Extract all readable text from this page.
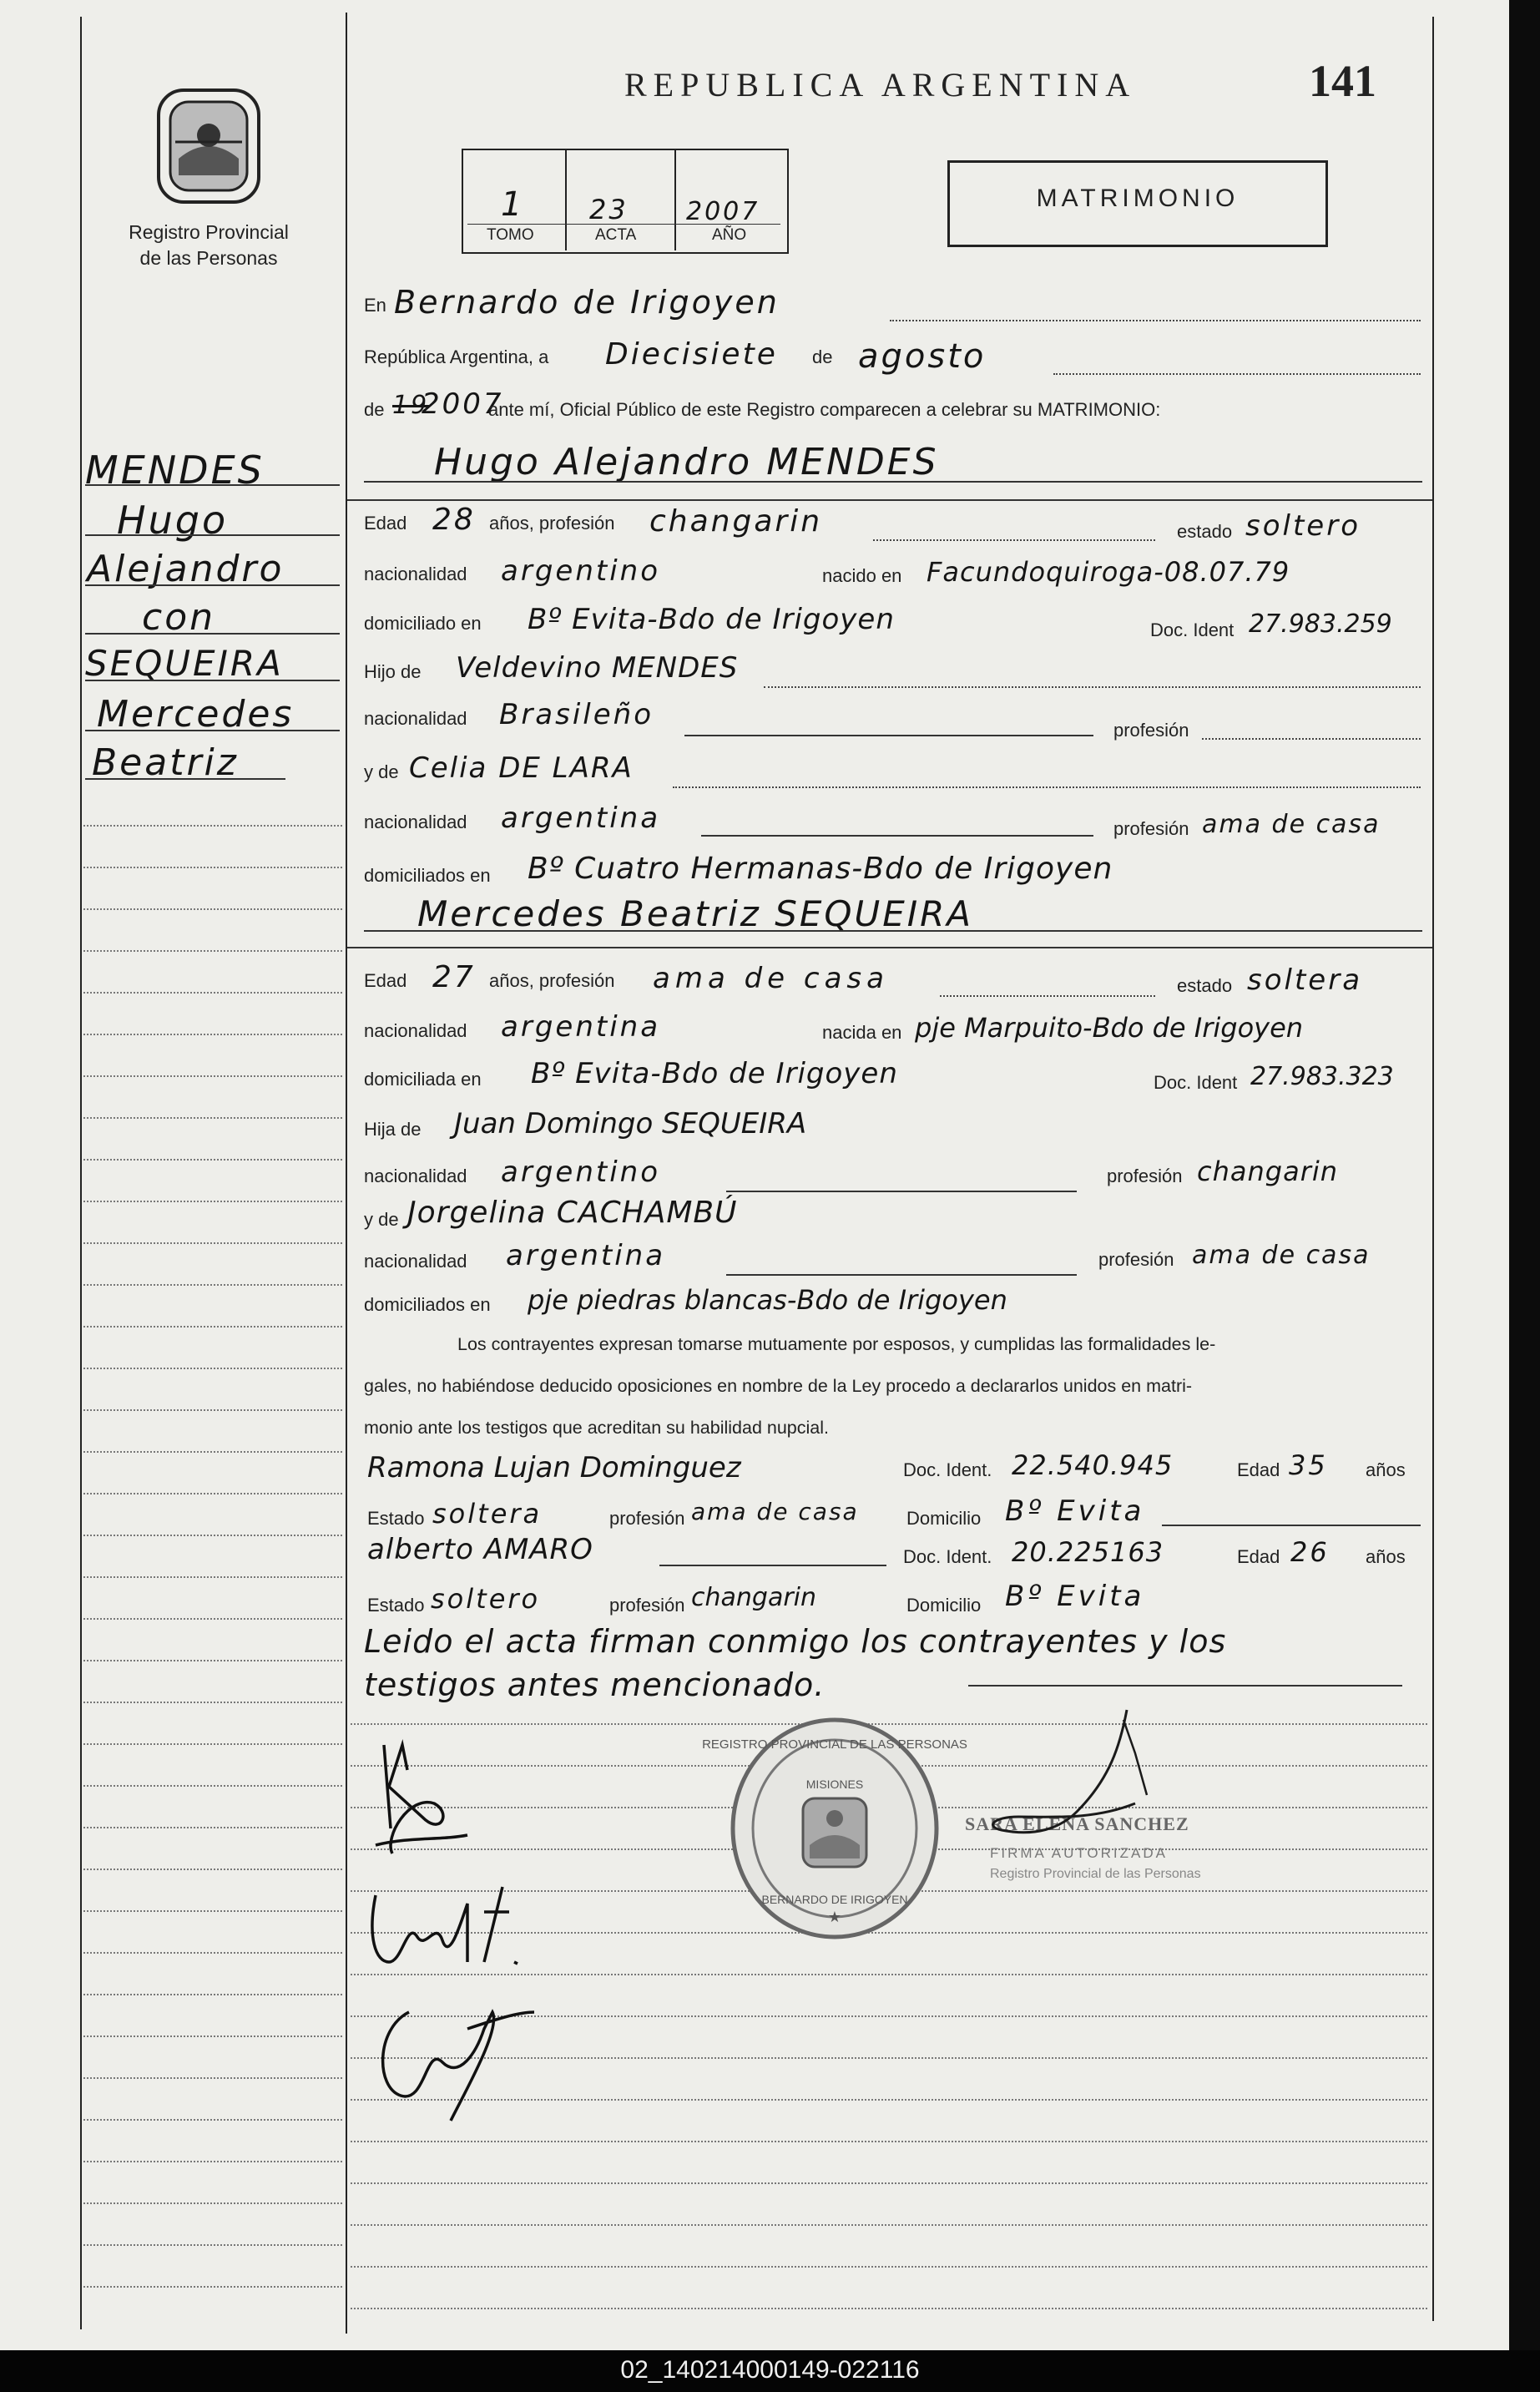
Registro Provincial
de las Personas
REPUBLICA ARGENTINA	141
1 23 2007
TOMO	ACTA	AÑO
MATRIMONIO
MENDES
Hugo
Alejandro
con
SEQUEIRA
Mercedes
Beatriz
En Bernardo de Irigoyen
República Argentina, a Diecisiete de agosto
de 19
2007
ante mí, Oficial Público de este Registro comparecen a celebrar su MATRIMONIO:
Hugo Alejandro MENDES
Edad 28 años, profesión changarin	estado soltero
nacionalidad argentino	nacido en Facundoquiroga-08.07.79
domiciliado en Bº Evita-Bdo de Irigoyen	Doc. Ident 27.983.259
Hijo de Veldevino MENDES
nacionalidad Brasileño	profesión
y de Celia DE LARA
nacionalidad argentina	profesión ama de casa
domiciliados en Bº Cuatro Hermanas-Bdo de Irigoyen
Mercedes Beatriz SEQUEIRA
Edad 27 años, profesión ama de casa	estado soltera
nacionalidad argentina	nacida en pje Marpuito-Bdo de Irigoyen
domiciliada en Bº Evita-Bdo de Irigoyen	Doc. Ident 27.983.323
Hija de Juan Domingo SEQUEIRA
nacionalidad argentino	profesión changarin
y de Jorgelina CACHAMBÚ
nacionalidad argentina	profesión ama de casa
domiciliados en pje piedras blancas-Bdo de Irigoyen
Los contrayentes expresan tomarse mutuamente por esposos, y cumplidas las formalidades le-
gales, no habiéndose deducido oposiciones en nombre de la Ley procedo a declararlos unidos en matri-
monio ante los testigos que acreditan su habilidad nupcial.
Ramona Lujan Dominguez	Doc. Ident. 22.540.945	Edad 35 años
Estado soltera	profesión ama de casa	Domicilio Bº Evita
alberto AMARO	Doc. Ident. 20.225163	Edad 26 años
Estado soltero	profesión changarin	Domicilio Bº Evita
Leido el acta firman conmigo los contrayentes y los
testigos antes mencionado.
★
REGISTRO PROVINCIAL DE LAS PERSONAS
BERNARDO DE IRIGOYEN
MISIONES
SARA ELENA SANCHEZ
FIRMA AUTORIZADA
Registro Provincial de las Personas
02_140214000149-022116
